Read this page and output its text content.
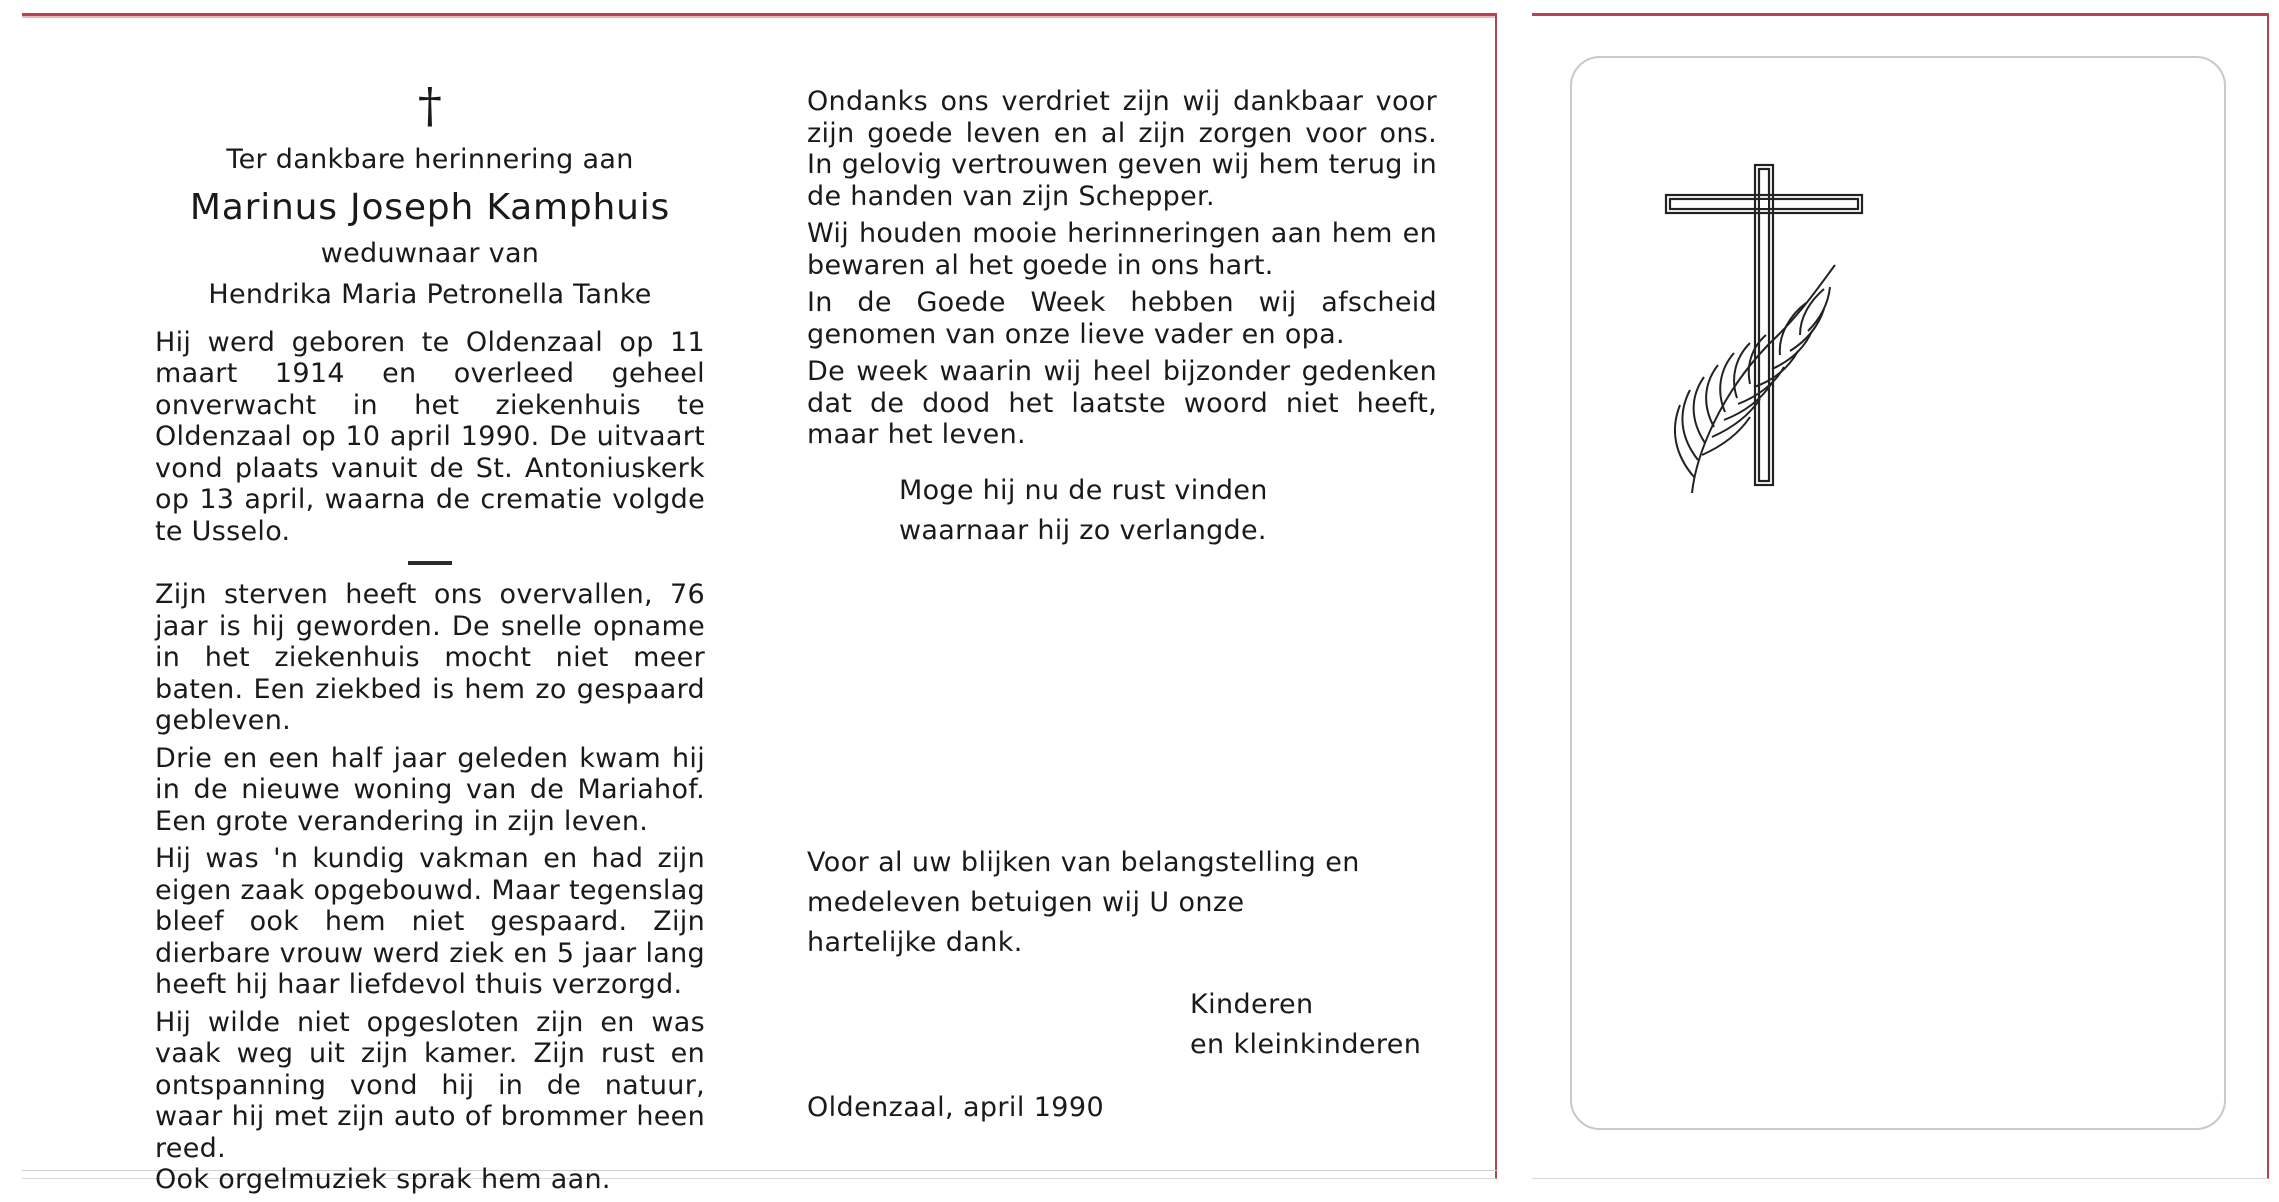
†
Ter dankbare herinnering aan
Marinus Joseph Kamphuis
weduwnaar van
Hendrika Maria Petronella Tanke
Hij werd geboren te Oldenzaal op 11 maart 1914 en overleed geheel onverwacht in het ziekenhuis te Oldenzaal op 10 april 1990. De uitvaart vond plaats vanuit de St. Antoniuskerk op 13 april, waarna de crematie volgde te Usselo.
Zijn sterven heeft ons overvallen, 76 jaar is hij geworden. De snelle opname in het ziekenhuis mocht niet meer baten. Een ziekbed is hem zo gespaard gebleven.
Drie en een half jaar geleden kwam hij in de nieuwe woning van de Mariahof. Een grote verandering in zijn leven.
Hij was 'n kundig vakman en had zijn eigen zaak opgebouwd. Maar tegenslag bleef ook hem niet gespaard. Zijn dierbare vrouw werd ziek en 5 jaar lang heeft hij haar liefdevol thuis verzorgd.
Hij wilde niet opgesloten zijn en was vaak weg uit zijn kamer. Zijn rust en ontspanning vond hij in de natuur, waar hij met zijn auto of brommer heen reed.
Ook orgelmuziek sprak hem aan.
Ondanks ons verdriet zijn wij dankbaar voor zijn goede leven en al zijn zorgen voor ons. In gelovig vertrouwen geven wij hem terug in de handen van zijn Schepper.
Wij houden mooie herinneringen aan hem en bewaren al het goede in ons hart.
In de Goede Week hebben wij afscheid genomen van onze lieve vader en opa.
De week waarin wij heel bijzonder gedenken dat de dood het laatste woord niet heeft, maar het leven.
Moge hij nu de rust vinden
waarnaar hij zo verlangde.
Voor al uw blijken van belangstelling en
medeleven betuigen wij U onze
hartelijke dank.
Kinderen
en kleinkinderen
Oldenzaal, april 1990
